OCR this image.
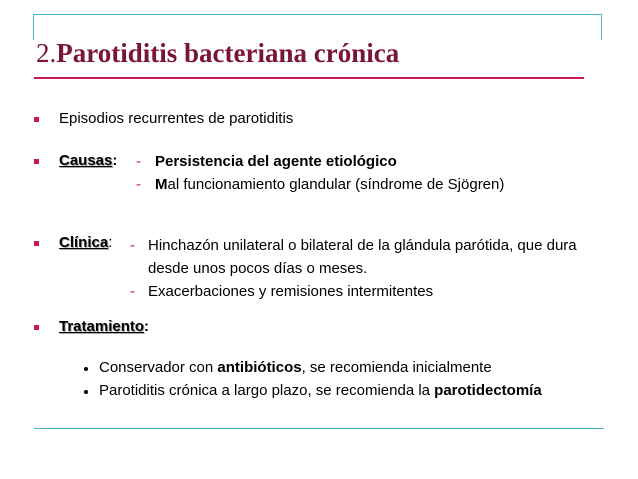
2.Parotiditis bacteriana crónica
Episodios recurrentes de parotiditis
Causas: - Persistencia del agente etiológico
- Mal funcionamiento glandular (síndrome de Sjögren)
Clínica: - Hinchazón unilateral o bilateral de la glándula parótida, que dura
desde unos pocos días o meses.
- Exacerbaciones y remisiones intermitentes
Tratamiento:
Conservador con antibióticos, se recomienda inicialmente
Parotiditis crónica a largo plazo, se recomienda la parotidectomía
